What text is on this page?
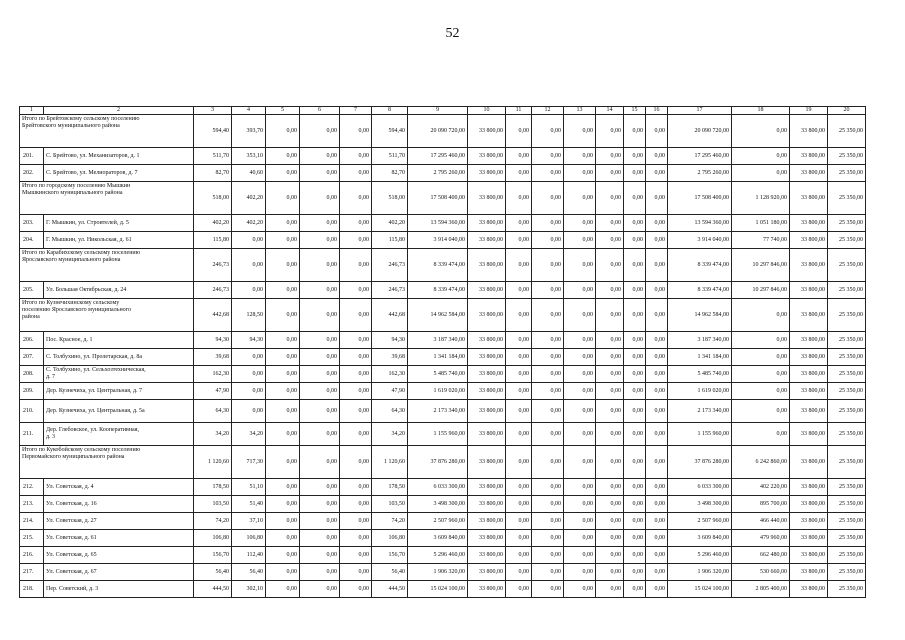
52
1	2	3	4	5	6	7	8	9	10	11	12	13	14	15	16	17	18	19	20

Итого по Брейтовскому сельскому поселению
Брейтовского муниципального района		594,40	393,70	0,00	0,00	0,00	594,40	20 090 720,00	33 800,00	0,00	0,00	0,00	0,00	0,00	0,00	20 090 720,00	0,00	33 800,00	25 350,00
201.	С. Брейтово, ул. Механизаторов, д. 1	511,70	353,10	0,00	0,00	0,00	511,70	17 295 460,00	33 800,00	0,00	0,00	0,00	0,00	0,00	0,00	17 295 460,00	0,00	33 800,00	25 350,00
202.	С. Брейтово, ул. Мелиораторов, д. 7	82,70	40,60	0,00	0,00	0,00	82,70	2 795 260,00	33 800,00	0,00	0,00	0,00	0,00	0,00	0,00	2 795 260,00	0,00	33 800,00	25 350,00

Итого по городскому поселению Мышкин
Мышкинского муниципального района		518,00	402,20	0,00	0,00	0,00	518,00	17 508 400,00	33 800,00	0,00	0,00	0,00	0,00	0,00	0,00	17 508 400,00	1 128 920,00	33 800,00	25 350,00
203.	Г. Мышкин, ул. Строителей, д. 5	402,20	402,20	0,00	0,00	0,00	402,20	13 594 360,00	33 800,00	0,00	0,00	0,00	0,00	0,00	0,00	13 594 360,00	1 051 180,00	33 800,00	25 350,00
204.	Г. Мышкин, ул. Никольская, д. 61	115,80	0,00	0,00	0,00	0,00	115,80	3 914 040,00	33 800,00	0,00	0,00	0,00	0,00	0,00	0,00	3 914 040,00	77 740,00	33 800,00	25 350,00

Итого по Карабихскому сельскому поселению
Ярославского муниципального района		246,73	0,00	0,00	0,00	0,00	246,73	8 339 474,00	33 800,00	0,00	0,00	0,00	0,00	0,00	0,00	8 339 474,00	10 297 846,00	33 800,00	25 350,00
205.	Ул. Большая Октябрьская, д. 24	246,73	0,00	0,00	0,00	0,00	246,73	8 339 474,00	33 800,00	0,00	0,00	0,00	0,00	0,00	0,00	8 339 474,00	10 297 846,00	33 800,00	25 350,00

Итого по Кузнечихинскому сельскому
поселению Ярославского муниципального
района		442,68	128,50	0,00	0,00	0,00	442,68	14 962 584,00	33 800,00	0,00	0,00	0,00	0,00	0,00	0,00	14 962 584,00	0,00	33 800,00	25 350,00
206.	Пос. Красное, д. 1	94,30	94,30	0,00	0,00	0,00	94,30	3 187 340,00	33 800,00	0,00	0,00	0,00	0,00	0,00	0,00	3 187 340,00	0,00	33 800,00	25 350,00
207.	С. Толбухино, ул. Пролетарская, д. 8а	39,68	0,00	0,00	0,00	0,00	39,68	1 341 184,00	33 800,00	0,00	0,00	0,00	0,00	0,00	0,00	1 341 184,00	0,00	33 800,00	25 350,00
208.	С. Толбухино, ул. Сельхозтехническая,
д. 7	162,30	0,00	0,00	0,00	0,00	162,30	5 485 740,00	33 800,00	0,00	0,00	0,00	0,00	0,00	0,00	5 485 740,00	0,00	33 800,00	25 350,00
209.	Дер. Кузнечиха, ул. Центральная, д. 7	47,90	0,00	0,00	0,00	0,00	47,90	1 619 020,00	33 800,00	0,00	0,00	0,00	0,00	0,00	0,00	1 619 020,00	0,00	33 800,00	25 350,00
210.	Дер. Кузнечиха, ул. Центральная, д. 5а	64,30	0,00	0,00	0,00	0,00	64,30	2 173 340,00	33 800,00	0,00	0,00	0,00	0,00	0,00	0,00	2 173 340,00	0,00	33 800,00	25 350,00
211.	Дер. Глебовское, ул. Кооперативная,
д. 3	34,20	34,20	0,00	0,00	0,00	34,20	1 155 960,00	33 800,00	0,00	0,00	0,00	0,00	0,00	0,00	1 155 960,00	0,00	33 800,00	25 350,00

Итого по Кукобойскому сельскому поселению
Первомайского муниципального района		1 120,60	717,30	0,00	0,00	0,00	1 120,60	37 876 280,00	33 800,00	0,00	0,00	0,00	0,00	0,00	0,00	37 876 280,00	6 242 860,00	33 800,00	25 350,00
212.	Ул. Советская, д. 4	178,50	51,10	0,00	0,00	0,00	178,50	6 033 300,00	33 800,00	0,00	0,00	0,00	0,00	0,00	0,00	6 033 300,00	402 220,00	33 800,00	25 350,00
213.	Ул. Советская, д. 16	103,50	51,40	0,00	0,00	0,00	103,50	3 498 300,00	33 800,00	0,00	0,00	0,00	0,00	0,00	0,00	3 498 300,00	895 700,00	33 800,00	25 350,00
214.	Ул. Советская, д. 27	74,20	37,10	0,00	0,00	0,00	74,20	2 507 960,00	33 800,00	0,00	0,00	0,00	0,00	0,00	0,00	2 507 960,00	466 440,00	33 800,00	25 350,00
215.	Ул. Советская, д. 61	106,80	106,80	0,00	0,00	0,00	106,80	3 609 840,00	33 800,00	0,00	0,00	0,00	0,00	0,00	0,00	3 609 840,00	479 960,00	33 800,00	25 350,00
216.	Ул. Советская, д. 65	156,70	112,40	0,00	0,00	0,00	156,70	5 296 460,00	33 800,00	0,00	0,00	0,00	0,00	0,00	0,00	5 296 460,00	662 480,00	33 800,00	25 350,00
217.	Ул. Советская, д. 67	56,40	56,40	0,00	0,00	0,00	56,40	1 906 320,00	33 800,00	0,00	0,00	0,00	0,00	0,00	0,00	1 906 320,00	530 660,00	33 800,00	25 350,00
218.	Пер. Советский, д. 3	444,50	302,10	0,00	0,00	0,00	444,50	15 024 100,00	33 800,00	0,00	0,00	0,00	0,00	0,00	0,00	15 024 100,00	2 805 400,00	33 800,00	25 350,00
